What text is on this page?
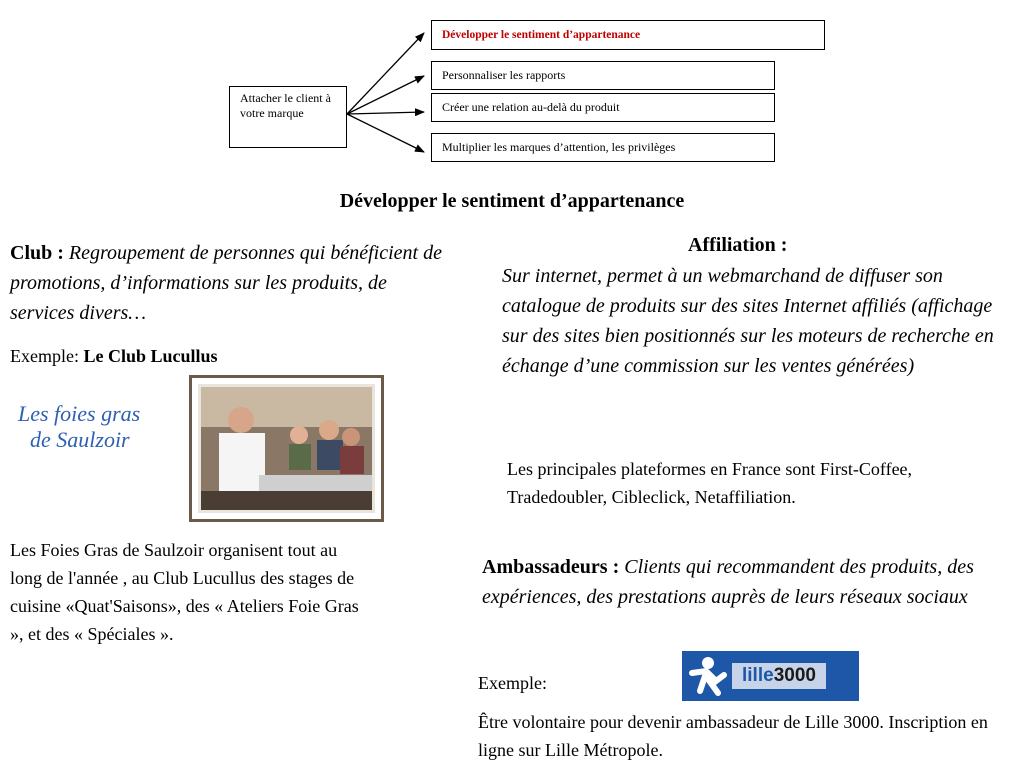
Attacher le client à votre marque
Développer le sentiment d’appartenance
Personnaliser les rapports
Créer une relation au-delà du produit
Multiplier les marques d’attention, les privilèges
Développer le sentiment d’appartenance
Club : Regroupement de personnes qui bénéficient de promotions, d’informations sur les produits, de services divers…
Exemple: Le Club Lucullus
Les foies gras
de Saulzoir
Les Foies Gras de Saulzoir organisent tout au long de l'année , au Club Lucullus des stages de cuisine «Quat'Saisons», des « Ateliers Foie Gras », et des « Spéciales ».
Affiliation :
Sur internet, permet à un webmarchand de diffuser son catalogue de produits sur des sites Internet affiliés (affichage sur des sites bien positionnés sur les moteurs de recherche en échange d’une commission sur les ventes générées)
Les principales plateformes en France sont First-Coffee, Tradedoubler, Cibleclick, Netaffiliation.
Ambassadeurs : Clients qui recommandent des produits, des expériences, des prestations auprès de leurs réseaux sociaux
Exemple:	lille 3000
Être volontaire pour devenir ambassadeur de Lille 3000. Inscription en ligne sur Lille Métropole.
